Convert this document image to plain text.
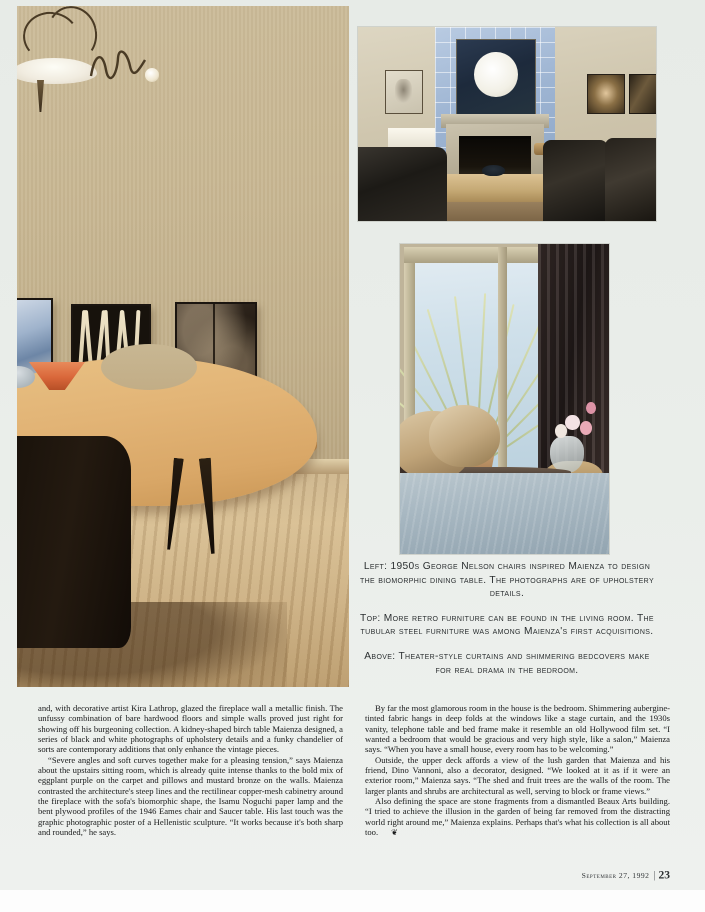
Left: 1950s George Nelson chairs inspired Maienza to design the biomorphic dining table. The photographs are of upholstery details.
Top: More retro furniture can be found in the living room. The tubular steel furniture was among Maienza's first acquisitions.
Above: Theater-style curtains and shimmering bedcovers make for real drama in the bedroom.

and, with decorative artist Kira Lathrop, glazed the fireplace wall a metallic finish. The unfussy combination of bare hardwood floors and simple walls proved just right for showing off his burgeoning collection. A kidney-shaped birch table Maienza designed, a series of black and white photographs of upholstery details and a funky chandelier of sorts are contemporary additions that only enhance the vintage pieces.

“Severe angles and soft curves together make for a pleasing tension,” says Maienza about the upstairs sitting room, which is already quite intense thanks to the bold mix of eggplant purple on the carpet and pillows and mustard bronze on the walls. Maienza contrasted the architecture's steep lines and the rectilinear copper-mesh cabinetry around the fireplace with the sofa's biomorphic shape, the Isamu Noguchi paper lamp and the bent plywood profiles of the 1946 Eames chair and Saucer table. His last touch was the graphic photographic poster of a Hellenistic sculpture. “It works because it's both sharp and rounded,” he says.

By far the most glamorous room in the house is the bedroom. Shimmering aubergine-tinted fabric hangs in deep folds at the windows like a stage curtain, and the 1930s vanity, telephone table and bed frame make it resemble an old Hollywood film set. “I wanted a bedroom that would be gracious and very high style, like a salon,” Maienza says. “When you have a small house, every room has to be welcoming.”

Outside, the upper deck affords a view of the lush garden that Maienza and his friend, Dino Vannoni, also a decorator, designed. “We looked at it as if it were an exterior room,” Maienza says. “The shed and fruit trees are the walls of the room. The larger plants and shrubs are architectural as well, serving to block or frame views.”

Also defining the space are stone fragments from a dismantled Beaux Arts building. “I tried to achieve the illusion in the garden of being far removed from the distracting world right around me,” Maienza explains. Perhaps that's what his collection is all about too. ❦

September 27, 1992 | 23
